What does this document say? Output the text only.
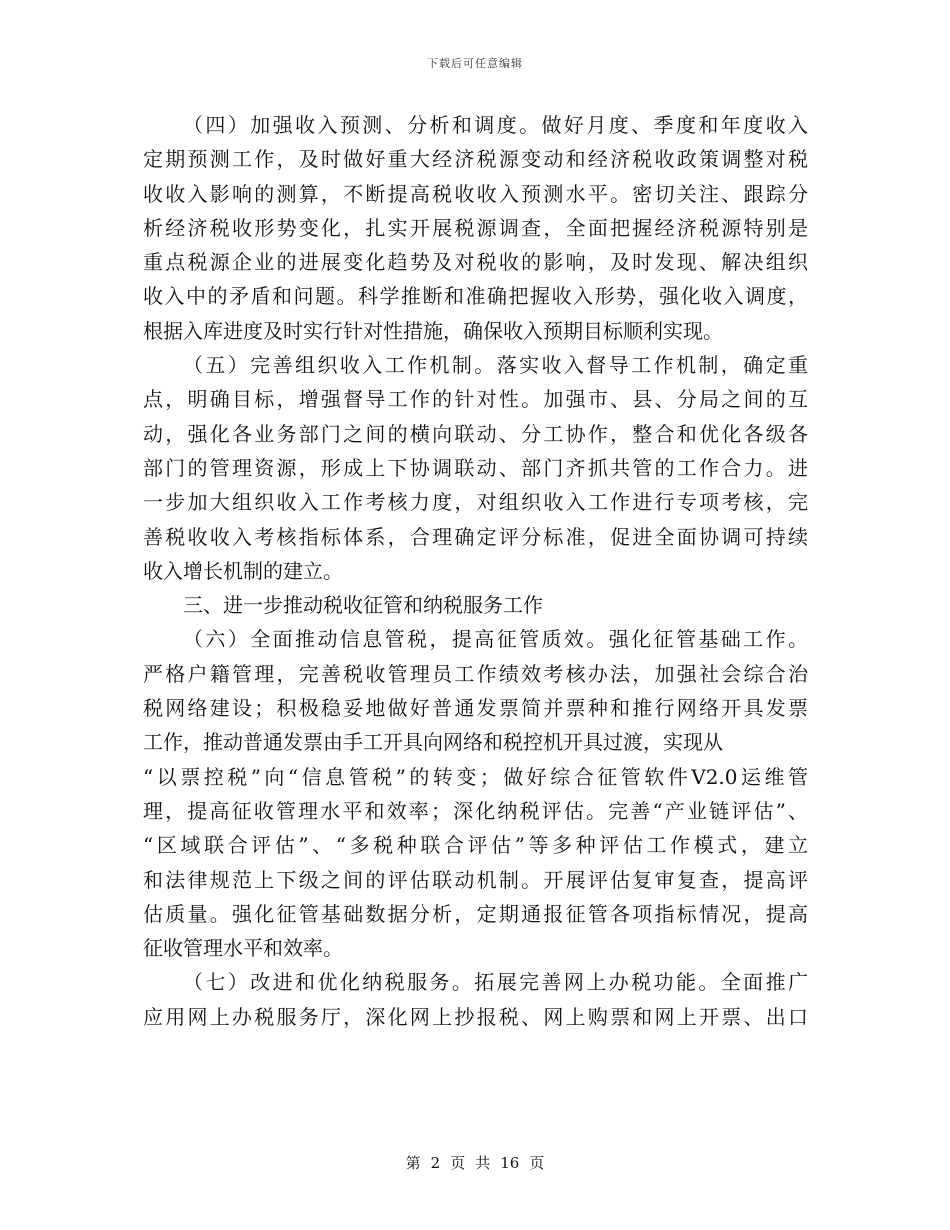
下载后可任意编辑
（四）加强收入预测、分析和调度。做好月度、季度和年度收入
定期预测工作，及时做好重大经济税源变动和经济税收政策调整对税
收收入影响的测算，不断提高税收收入预测水平。密切关注、跟踪分
析经济税收形势变化，扎实开展税源调查，全面把握经济税源特别是
重点税源企业的进展变化趋势及对税收的影响，及时发现、解决组织
收入中的矛盾和问题。科学推断和准确把握收入形势，强化收入调度，
根据入库进度及时实行针对性措施，确保收入预期目标顺利实现。
（五）完善组织收入工作机制。落实收入督导工作机制，确定重
点，明确目标，增强督导工作的针对性。加强市、县、分局之间的互
动，强化各业务部门之间的横向联动、分工协作，整合和优化各级各
部门的管理资源，形成上下协调联动、部门齐抓共管的工作合力。进
一步加大组织收入工作考核力度，对组织收入工作进行专项考核，完
善税收收入考核指标体系，合理确定评分标准，促进全面协调可持续
收入增长机制的建立。
三、进一步推动税收征管和纳税服务工作
（六）全面推动信息管税，提高征管质效。强化征管基础工作。
严格户籍管理，完善税收管理员工作绩效考核办法，加强社会综合治
税网络建设；积极稳妥地做好普通发票简并票种和推行网络开具发票
工作，推动普通发票由手工开具向网络和税控机开具过渡，实现从
“以票控税”向“信息管税”的转变；做好综合征管软件V2.0运维管
理，提高征收管理水平和效率；深化纳税评估。完善“产业链评估”、
“区域联合评估”、“多税种联合评估”等多种评估工作模式，建立
和法律规范上下级之间的评估联动机制。开展评估复审复查，提高评
估质量。强化征管基础数据分析，定期通报征管各项指标情况，提高
征收管理水平和效率。
（七）改进和优化纳税服务。拓展完善网上办税功能。全面推广
应用网上办税服务厅，深化网上抄报税、网上购票和网上开票、出口
第 2 页 共 16 页
